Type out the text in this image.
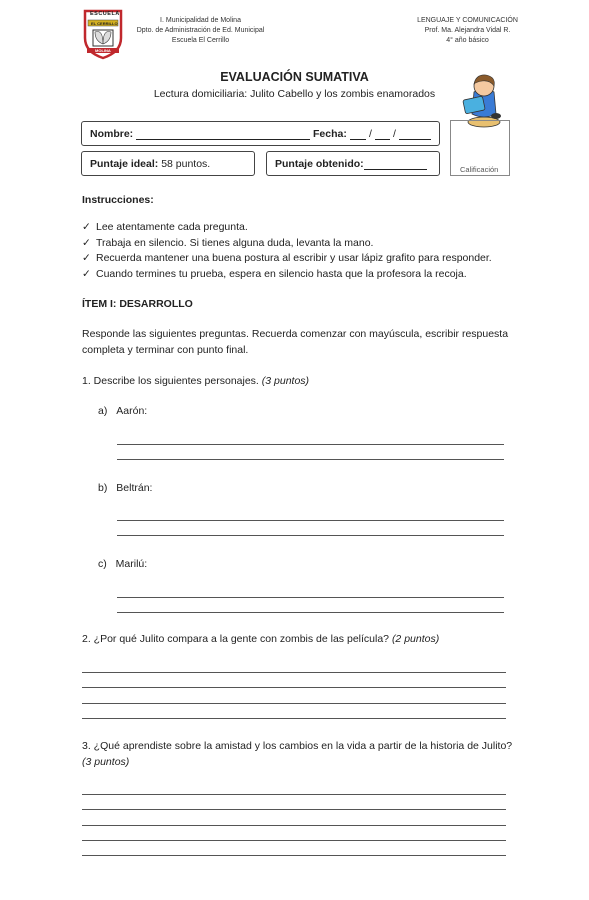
ESCUELA
EL CERRILLO
MOLINA
I. Municipalidad de Molina
Dpto. de Administración de Ed. Municipal
Escuela El Cerrillo
LENGUAJE Y COMUNICACIÓN
Prof. Ma. Alejandra Vidal R.
4° año básico
EVALUACIÓN SUMATIVA
Lectura domiciliaria: Julito Cabello y los zombis enamorados
Nombre:	Fecha: / /
Puntaje ideal: 58 puntos.	Puntaje obtenido:	Calificación
Instrucciones:
✓ Lee atentamente cada pregunta.
✓ Trabaja en silencio. Si tienes alguna duda, levanta la mano.
✓ Recuerda mantener una buena postura al escribir y usar lápiz grafito para responder.
✓ Cuando termines tu prueba, espera en silencio hasta que la profesora la recoja.
ÍTEM I: DESARROLLO
Responde las siguientes preguntas. Recuerda comenzar con mayúscula, escribir respuesta completa y terminar con punto final.
1. Describe los siguientes personajes. (3 puntos)
a) Aarón:
b) Beltrán:
c) Marilú:
2. ¿Por qué Julito compara a la gente con zombis de las película? (2 puntos)
3. ¿Qué aprendiste sobre la amistad y los cambios en la vida a partir de la historia de Julito?
(3 puntos)
